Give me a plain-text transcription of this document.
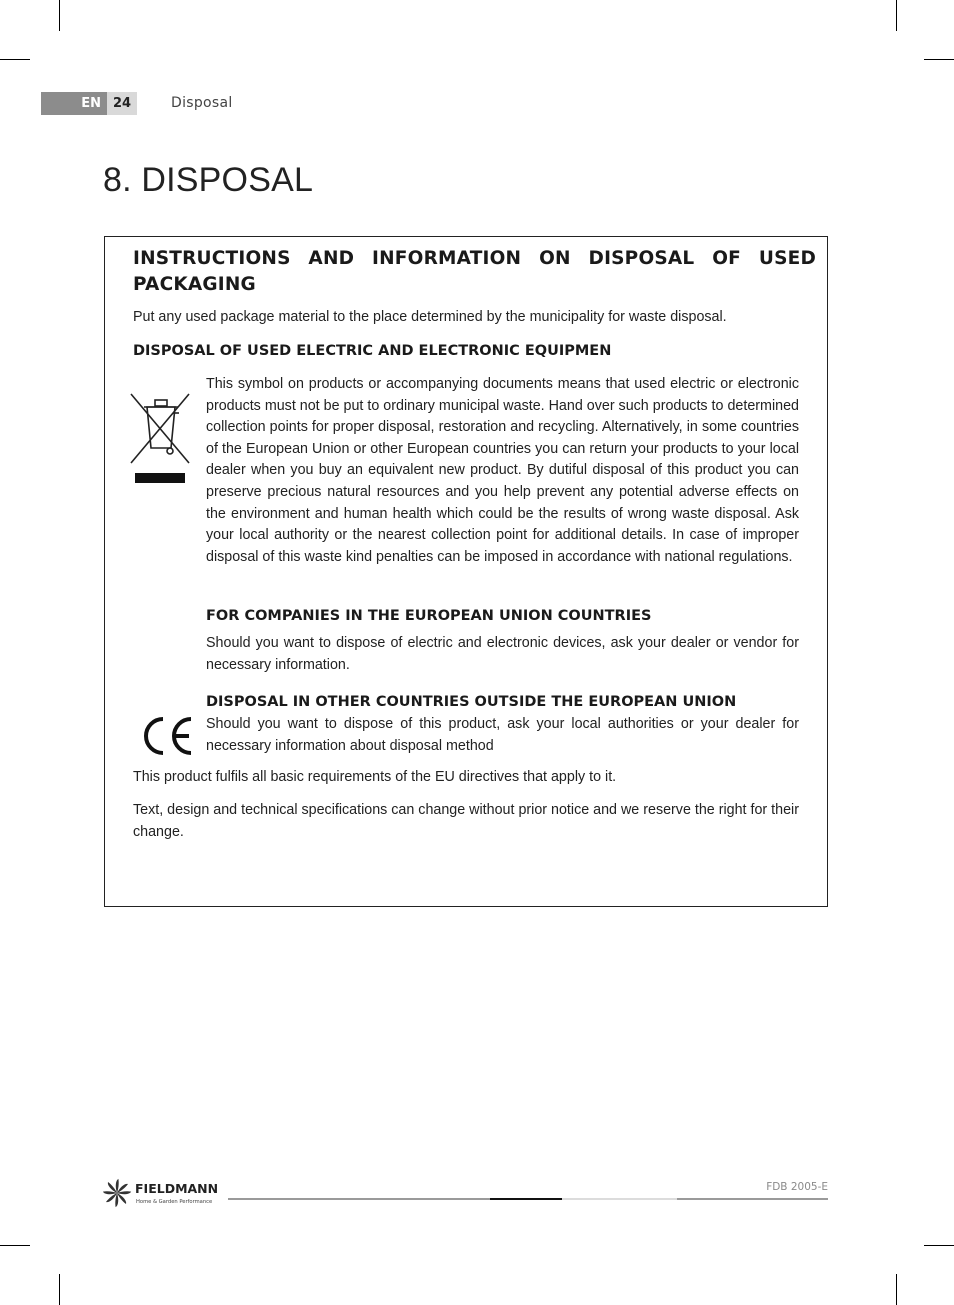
EN 24	Disposal
8. DISPOSAL
INSTRUCTIONS AND INFORMATION ON DISPOSAL OF USED PACKAGING

Put any used package material to the place determined by the municipality for waste disposal.

DISPOSAL OF USED ELECTRIC AND ELECTRONIC EQUIPMEN

This symbol on products or accompanying documents means that used electric or electronic products must not be put to ordinary municipal waste. Hand over such products to determined collection points for proper disposal, restoration and recycling. Alternatively, in some countries of the European Union or other European countries you can return your products to your local dealer when you buy an equivalent new product. By dutiful disposal of this product you can preserve precious natural resources and you help prevent any potential adverse effects on the environment and human health which could be the results of wrong waste disposal. Ask your local authority or the nearest collection point for additional details. In case of improper disposal of this waste kind penalties can be imposed in accordance with national regulations.

FOR COMPANIES IN THE EUROPEAN UNION COUNTRIES

Should you want to dispose of electric and electronic devices, ask your dealer or vendor for necessary information.

DISPOSAL IN OTHER COUNTRIES OUTSIDE THE EUROPEAN UNION

Should you want to dispose of this product, ask your local authorities or your dealer for necessary information about disposal method

This product fulfils all basic requirements of the EU directives that apply to it.

Text, design and technical specifications can change without prior notice and we reserve the right for their change.

FIELDMANN
Home & Garden Performance
FDB 2005-E
